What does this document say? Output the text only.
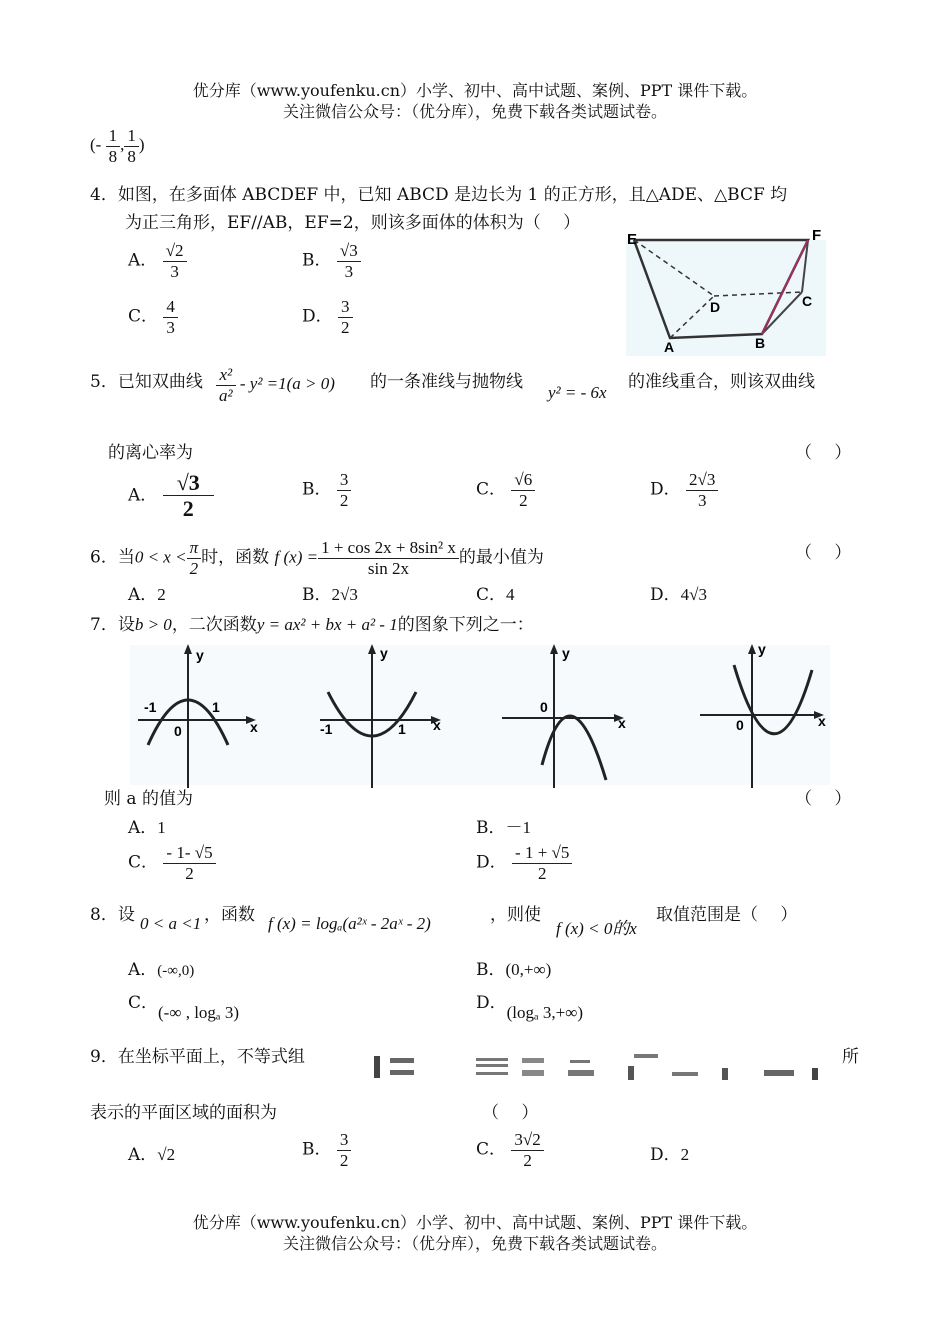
优分库（www.youfenku.cn）小学、初中、高中试题、案例、PPT 课件下载。
关注微信公众号：（优分库），免费下载各类试题试卷。
(- $\frac{1}{8}$ , $\frac{1}{8}$ )
4．如图，在多面体 ABCDEF 中，已知 ABCD 是边长为 1 的正方形，且△ADE、△BCF 均
为正三角形，EF//AB，EF=2，则该多面体的体积为（　 ）
A． $\frac{√2}{3}$	B． $\frac{√3}{3}$
C． $\frac{4}{3}$	D． $\frac{3}{2}$
E	F
D	C
A	B
5．已知双曲线 $\frac{\text{x²}}{\text{a²}} - y^2 =1(a > 0)$ 的一条准线与抛物线
y² = - 6x
的准线重合，则该双曲线
的离心率为	（　 ）
A． $\frac{√3}{2}$	B． $\frac{3}{2}$	C． $\frac{√6}{2}$	D． $\frac{2√3}{3}$
6．当$0 < x < \frac{\pi}{2}$ 时，函数 f $(x) = \frac{\text{1 + cos 2x + 8sin² x}}{\sin 2x}$ 的最小值为	（　 ）
A．2	B．2√3	C．4	D．4√3
7．设b > 0，二次函数y = ax² + bx + a² - 1的图象下列之一：
y
x
-1	1
0
y
x
-1	1
y
x
0
y
x
0
则 a 的值为	（　 ）
A．1	B．－1
C． $\frac{- 1- √5}{2}$	D． $\frac{- 1 + √5}{2}$
8．设 0 < a <1 ，函数 f (x) = logₐ(a²ˣ - 2aˣ - 2)	，则使
f (x) < 0的x
取值范围是（　 ）
A．(-∞,0)	B．(0,+∞)
C．(-∞ , logₐ 3)	D．(logₐ 3,+∞)
9．在坐标平面上，不等式组	所
表示的平面区域的面积为	（　 ）
A．√2	B． $\frac{3}{2}$	C． $\frac{3√2}{2}$	D．2
优分库（www.youfenku.cn）小学、初中、高中试题、案例、PPT 课件下载。
关注微信公众号：（优分库），免费下载各类试题试卷。
